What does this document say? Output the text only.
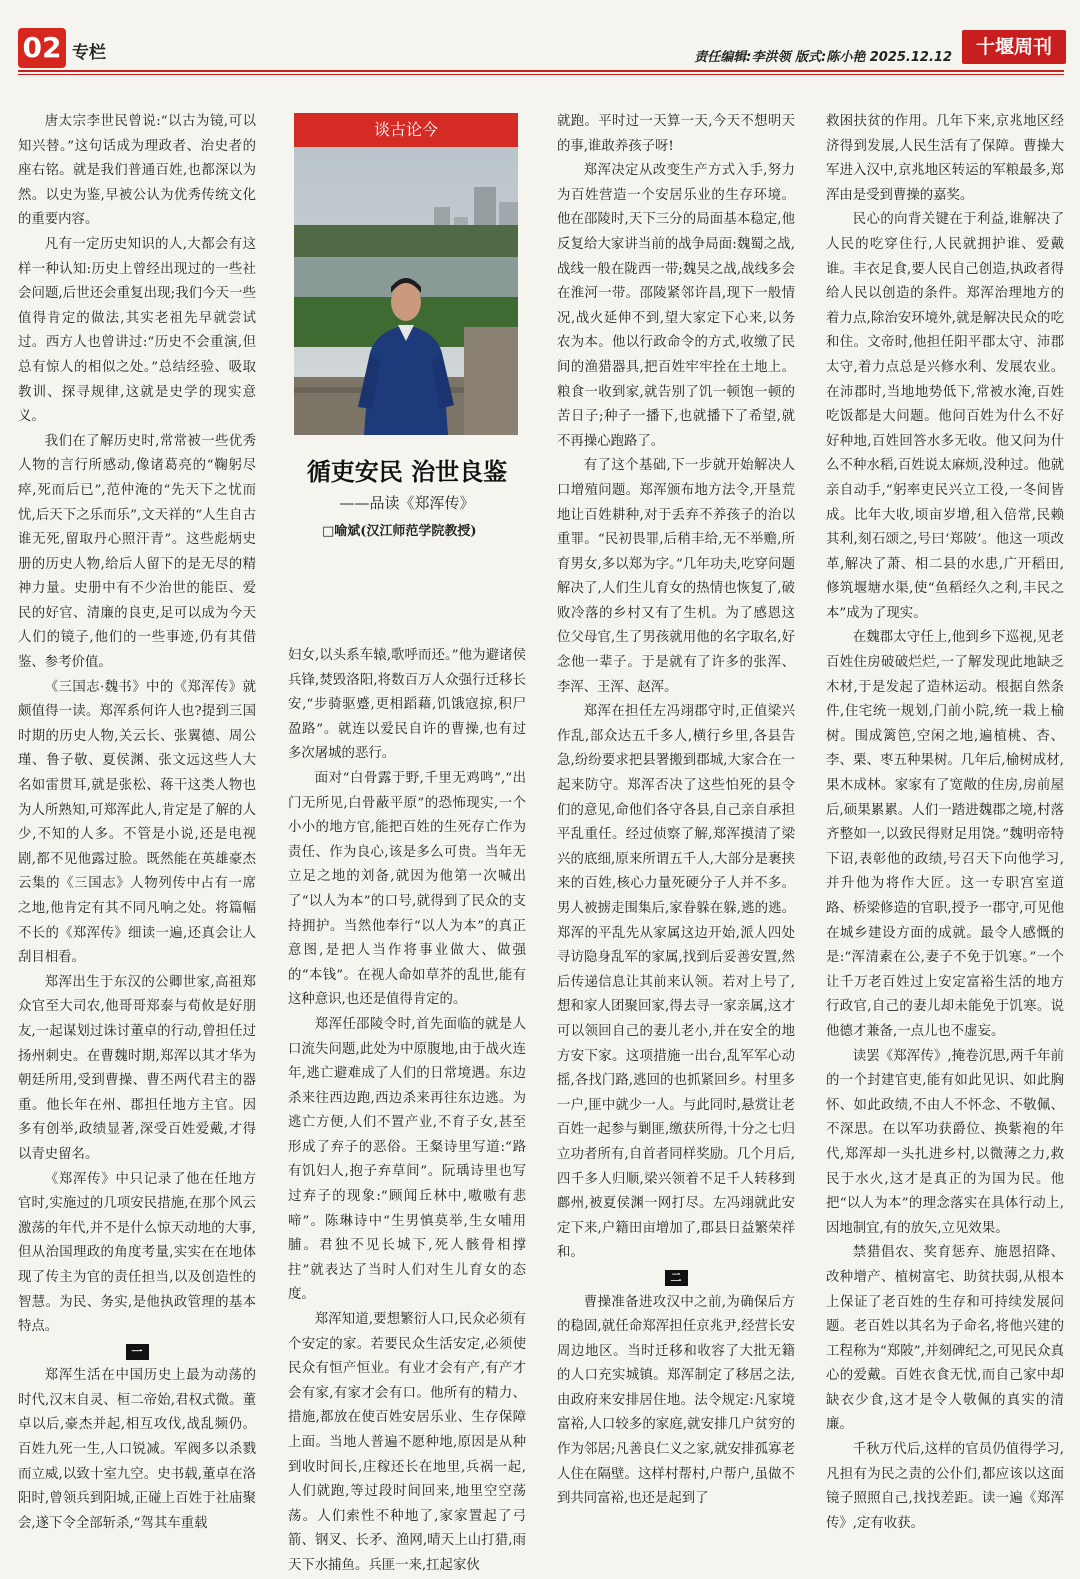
02 专栏	责任编辑:李洪领 版式:陈小艳 2025.12.12	十堰周刊
谈古论今
循吏安民 治世良鉴
——品读《郑浑传》
□喻斌(汉江师范学院教授)

唐太宗李世民曾说:“以古为镜,可以知兴替。”这句话成为理政者、治史者的座右铭。就是我们普通百姓,也都深以为然。以史为鉴,早被公认为优秀传统文化的重要内容。

凡有一定历史知识的人,大都会有这样一种认知:历史上曾经出现过的一些社会问题,后世还会重复出现;我们今天一些值得肯定的做法,其实老祖先早就尝试过。西方人也曾讲过:“历史不会重演,但总有惊人的相似之处。”总结经验、吸取教训、探寻规律,这就是史学的现实意义。

我们在了解历史时,常常被一些优秀人物的言行所感动,像诸葛亮的“鞠躬尽瘁,死而后已”,范仲淹的“先天下之忧而忧,后天下之乐而乐”,文天祥的“人生自古谁无死,留取丹心照汗青”。这些彪炳史册的历史人物,给后人留下的是无尽的精神力量。史册中有不少治世的能臣、爱民的好官、清廉的良吏,足可以成为今天人们的镜子,他们的一些事迹,仍有其借鉴、参考价值。

《三国志·魏书》中的《郑浑传》就颇值得一读。郑浑系何许人也?提到三国时期的历史人物,关云长、张翼德、周公瑾、鲁子敬、夏侯渊、张文远这些人大名如雷贯耳,就是张松、蒋干这类人物也为人所熟知,可郑浑此人,肯定是了解的人少,不知的人多。不管是小说,还是电视剧,都不见他露过脸。既然能在英雄豪杰云集的《三国志》人物列传中占有一席之地,他肯定有其不同凡响之处。将篇幅不长的《郑浑传》细读一遍,还真会让人刮目相看。

郑浑出生于东汉的公卿世家,高祖郑众官至大司农,他哥哥郑泰与荀攸是好朋友,一起谋划过诛讨董卓的行动,曾担任过扬州刺史。在曹魏时期,郑浑以其才华为朝廷所用,受到曹操、曹丕两代君主的器重。他长年在州、郡担任地方主官。因多有创举,政绩显著,深受百姓爱戴,才得以青史留名。

《郑浑传》中只记录了他在任地方官时,实施过的几项安民措施,在那个风云激荡的年代,并不是什么惊天动地的大事,但从治国理政的角度考量,实实在在地体现了传主为官的责任担当,以及创造性的智慧。为民、务实,是他执政管理的基本特点。

一

郑浑生活在中国历史上最为动荡的时代,汉末自灵、桓二帝始,君权式微。董卓以后,豪杰并起,相互攻伐,战乱频仍。百姓九死一生,人口锐减。军阀多以杀戮而立威,以致十室九空。史书载,董卓在洛阳时,曾领兵到阳城,正碰上百姓于社庙聚会,遂下令全部斩杀,“驾其车重载

妇女,以头系车辕,歌呼而还。”他为避诸侯兵锋,焚毁洛阳,将数百万人众强行迁移长安,“步骑驱蹙,更相蹈藉,饥饿寇掠,积尸盈路”。就连以爱民自许的曹操,也有过多次屠城的恶行。

面对“白骨露于野,千里无鸡鸣”,“出门无所见,白骨蔽平原”的恐怖现实,一个小小的地方官,能把百姓的生死存亡作为责任、作为良心,该是多么可贵。当年无立足之地的刘备,就因为他第一次喊出了“以人为本”的口号,就得到了民众的支持拥护。当然他奉行“以人为本”的真正意图,是把人当作将事业做大、做强的“本钱”。在视人命如草芥的乱世,能有这种意识,也还是值得肯定的。

郑浑任邵陵令时,首先面临的就是人口流失问题,此处为中原腹地,由于战火连年,逃亡避难成了人们的日常境遇。东边杀来往西边跑,西边杀来再往东边逃。为逃亡方便,人们不置产业,不育子女,甚至形成了弃子的恶俗。王粲诗里写道:“路有饥妇人,抱子弃草间”。阮瑀诗里也写过弃子的现象:“顾闻丘林中,嗷嗷有悲啼”。陈琳诗中“生男慎莫举,生女哺用脯。君独不见长城下,死人骸骨相撑拄”就表达了当时人们对生儿育女的态度。

郑浑知道,要想繁衍人口,民众必须有个安定的家。若要民众生活安定,必须使民众有恒产恒业。有业才会有产,有产才会有家,有家才会有口。他所有的精力、措施,都放在使百姓安居乐业、生存保障上面。当地人普遍不愿种地,原因是从种到收时间长,庄稼还长在地里,兵祸一起,人们就跑,等过段时间回来,地里空空荡荡。人们索性不种地了,家家置起了弓箭、钢叉、长矛、渔网,晴天上山打猎,雨天下水捕鱼。兵匪一来,扛起家伙

就跑。平时过一天算一天,今天不想明天的事,谁敢养孩子呀!

郑浑决定从改变生产方式入手,努力为百姓营造一个安居乐业的生存环境。他在邵陵时,天下三分的局面基本稳定,他反复给大家讲当前的战争局面:魏蜀之战,战线一般在陇西一带;魏吴之战,战线多会在淮河一带。邵陵紧邻许昌,现下一般情况,战火延伸不到,望大家定下心来,以务农为本。他以行政命令的方式,收缴了民间的渔猎器具,把百姓牢牢拴在土地上。粮食一收到家,就告别了饥一顿饱一顿的苦日子;种子一播下,也就播下了希望,就不再操心跑路了。

有了这个基础,下一步就开始解决人口增殖问题。郑浑颁布地方法令,开垦荒地让百姓耕种,对于丢弃不养孩子的治以重罪。“民初畏罪,后稍丰给,无不举赡,所育男女,多以郑为字。”几年功夫,吃穿问题解决了,人们生儿育女的热情也恢复了,破败冷落的乡村又有了生机。为了感恩这位父母官,生了男孩就用他的名字取名,好念他一辈子。于是就有了许多的张浑、李浑、王浑、赵浑。

郑浑在担任左冯翊郡守时,正值梁兴作乱,部众达五千多人,横行乡里,各县告急,纷纷要求把县署搬到郡城,大家合在一起来防守。郑浑否决了这些怕死的县令们的意见,命他们各守各县,自己亲自承担平乱重任。经过侦察了解,郑浑摸清了梁兴的底细,原来所谓五千人,大部分是裹挟来的百姓,核心力量死硬分子人并不多。男人被掳走围集后,家眷躲在躲,逃的逃。郑浑的平乱先从家属这边开始,派人四处寻访隐身乱军的家属,找到后妥善安置,然后传递信息让其前来认领。若对上号了,想和家人团聚回家,得去寻一家亲属,这才可以领回自己的妻儿老小,并在安全的地方安下家。这项措施一出台,乱军军心动摇,各找门路,逃回的也抓紧回乡。村里多一户,匪中就少一人。与此同时,悬赏让老百姓一起参与剿匪,缴获所得,十分之七归立功者所有,自首者同样奖励。几个月后,四千多人归顺,梁兴领着不足千人转移到鄜州,被夏侯渊一网打尽。左冯翊就此安定下来,户籍田亩增加了,郡县日益繁荣祥和。

二

曹操准备进攻汉中之前,为确保后方的稳固,就任命郑浑担任京兆尹,经营长安周边地区。当时迁移和收容了大批无籍的人口充实城镇。郑浑制定了移居之法,由政府来安排居住地。法令规定:凡家境富裕,人口较多的家庭,就安排几户贫穷的作为邻居;凡善良仁义之家,就安排孤寡老人住在隔壁。这样村帮村,户帮户,虽做不到共同富裕,也还是起到了

救困扶贫的作用。几年下来,京兆地区经济得到发展,人民生活有了保障。曹操大军进入汉中,京兆地区转运的军粮最多,郑浑由是受到曹操的嘉奖。

民心的向背关键在于利益,谁解决了人民的吃穿住行,人民就拥护谁、爱戴谁。丰衣足食,要人民自己创造,执政者得给人民以创造的条件。郑浑治理地方的着力点,除治安环境外,就是解决民众的吃和住。文帝时,他担任阳平郡太守、沛郡太守,着力点总是兴修水利、发展农业。在沛郡时,当地地势低下,常被水淹,百姓吃饭都是大问题。他问百姓为什么不好好种地,百姓回答水多无收。他又问为什么不种水稻,百姓说太麻烦,没种过。他就亲自动手,“躬率吏民兴立工役,一冬间皆成。比年大收,顷亩岁增,租入倍常,民赖其利,刻石颂之,号曰‘郑陂’。他这一项改革,解决了萧、相二县的水患,广开稻田,修筑堰塘水渠,使“鱼稻经久之利,丰民之本”成为了现实。

在魏郡太守任上,他到乡下巡视,见老百姓住房破破烂烂,一了解发现此地缺乏木材,于是发起了造林运动。根据自然条件,住宅统一规划,门前小院,统一栽上榆树。围成篱笆,空闲之地,遍植桃、杏、李、栗、枣五种果树。几年后,榆树成材,果木成林。家家有了宽敞的住房,房前屋后,硕果累累。人们一踏进魏郡之境,村落齐整如一,以致民得财足用饶。”魏明帝特下诏,表彰他的政绩,号召天下向他学习,并升他为将作大匠。这一专职宫室道路、桥梁修造的官职,授予一郡守,可见他在城乡建设方面的成就。最令人感慨的是:“浑清素在公,妻子不免于饥寒。”一个让千万老百姓过上安定富裕生活的地方行政官,自己的妻儿却未能免于饥寒。说他德才兼备,一点儿也不虚妄。

读罢《郑浑传》,掩卷沉思,两千年前的一个封建官吏,能有如此见识、如此胸怀、如此政绩,不由人不怀念、不敬佩、不深思。在以军功获爵位、换紫袍的年代,郑浑却一头扎进乡村,以微薄之力,救民于水火,这才是真正的为国为民。他把“以人为本”的理念落实在具体行动上,因地制宜,有的放矢,立见效果。

禁猎倡农、奖育惩弃、施恩招降、改种增产、植树富宅、助贫扶弱,从根本上保证了老百姓的生存和可持续发展问题。老百姓以其名为子命名,将他兴建的工程称为“郑陂”,并刻碑纪之,可见民众真心的爱戴。百姓衣食无忧,而自己家中却缺衣少食,这才是令人敬佩的真实的清廉。

千秋万代后,这样的官员仍值得学习,凡担有为民之责的公仆们,都应该以这面镜子照照自己,找找差距。读一遍《郑浑传》,定有收获。
